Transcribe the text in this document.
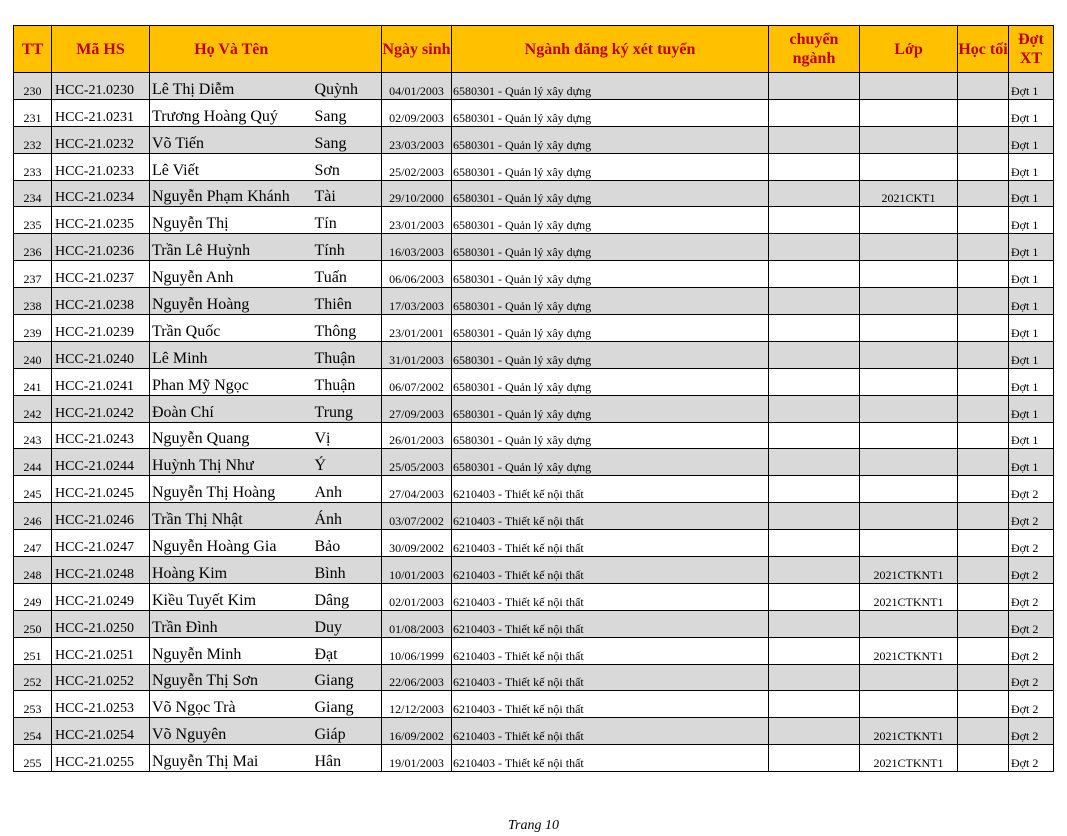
TT	Mã HS	Họ Và Tên		Ngày sinh	Ngành đăng ký xét tuyển	chuyển ngành	Lớp	Học tối	Đợt XT
230	HCC-21.0230	Lê Thị Diễm	Quỳnh	04/01/2003	6580301 - Quản lý xây dựng				Đợt 1
231	HCC-21.0231	Trương Hoàng Quý	Sang	02/09/2003	6580301 - Quản lý xây dựng				Đợt 1
232	HCC-21.0232	Võ Tiến	Sang	23/03/2003	6580301 - Quản lý xây dựng				Đợt 1
233	HCC-21.0233	Lê Viết	Sơn	25/02/2003	6580301 - Quản lý xây dựng				Đợt 1
234	HCC-21.0234	Nguyễn Phạm Khánh	Tài	29/10/2000	6580301 - Quản lý xây dựng		2021CKT1		Đợt 1
235	HCC-21.0235	Nguyễn Thị	Tín	23/01/2003	6580301 - Quản lý xây dựng				Đợt 1
236	HCC-21.0236	Trần Lê Huỳnh	Tính	16/03/2003	6580301 - Quản lý xây dựng				Đợt 1
237	HCC-21.0237	Nguyễn Anh	Tuấn	06/06/2003	6580301 - Quản lý xây dựng				Đợt 1
238	HCC-21.0238	Nguyễn Hoàng	Thiên	17/03/2003	6580301 - Quản lý xây dựng				Đợt 1
239	HCC-21.0239	Trần Quốc	Thông	23/01/2001	6580301 - Quản lý xây dựng				Đợt 1
240	HCC-21.0240	Lê Minh	Thuận	31/01/2003	6580301 - Quản lý xây dựng				Đợt 1
241	HCC-21.0241	Phan Mỹ Ngọc	Thuận	06/07/2002	6580301 - Quản lý xây dựng				Đợt 1
242	HCC-21.0242	Đoàn Chí	Trung	27/09/2003	6580301 - Quản lý xây dựng				Đợt 1
243	HCC-21.0243	Nguyễn Quang	Vị	26/01/2003	6580301 - Quản lý xây dựng				Đợt 1
244	HCC-21.0244	Huỳnh Thị Như	Ý	25/05/2003	6580301 - Quản lý xây dựng				Đợt 1
245	HCC-21.0245	Nguyễn Thị Hoàng	Anh	27/04/2003	6210403 - Thiết kế nội thất				Đợt 2
246	HCC-21.0246	Trần Thị Nhật	Ánh	03/07/2002	6210403 - Thiết kế nội thất				Đợt 2
247	HCC-21.0247	Nguyễn Hoàng Gia	Bảo	30/09/2002	6210403 - Thiết kế nội thất				Đợt 2
248	HCC-21.0248	Hoàng Kim	Bình	10/01/2003	6210403 - Thiết kế nội thất		2021CTKNT1		Đợt 2
249	HCC-21.0249	Kiều Tuyết Kim	Dâng	02/01/2003	6210403 - Thiết kế nội thất		2021CTKNT1		Đợt 2
250	HCC-21.0250	Trần Đình	Duy	01/08/2003	6210403 - Thiết kế nội thất				Đợt 2
251	HCC-21.0251	Nguyễn Minh	Đạt	10/06/1999	6210403 - Thiết kế nội thất		2021CTKNT1		Đợt 2
252	HCC-21.0252	Nguyễn Thị Sơn	Giang	22/06/2003	6210403 - Thiết kế nội thất				Đợt 2
253	HCC-21.0253	Võ Ngọc Trà	Giang	12/12/2003	6210403 - Thiết kế nội thất				Đợt 2
254	HCC-21.0254	Võ Nguyên	Giáp	16/09/2002	6210403 - Thiết kế nội thất		2021CTKNT1		Đợt 2
255	HCC-21.0255	Nguyễn Thị Mai	Hân	19/01/2003	6210403 - Thiết kế nội thất		2021CTKNT1		Đợt 2
Trang 10
